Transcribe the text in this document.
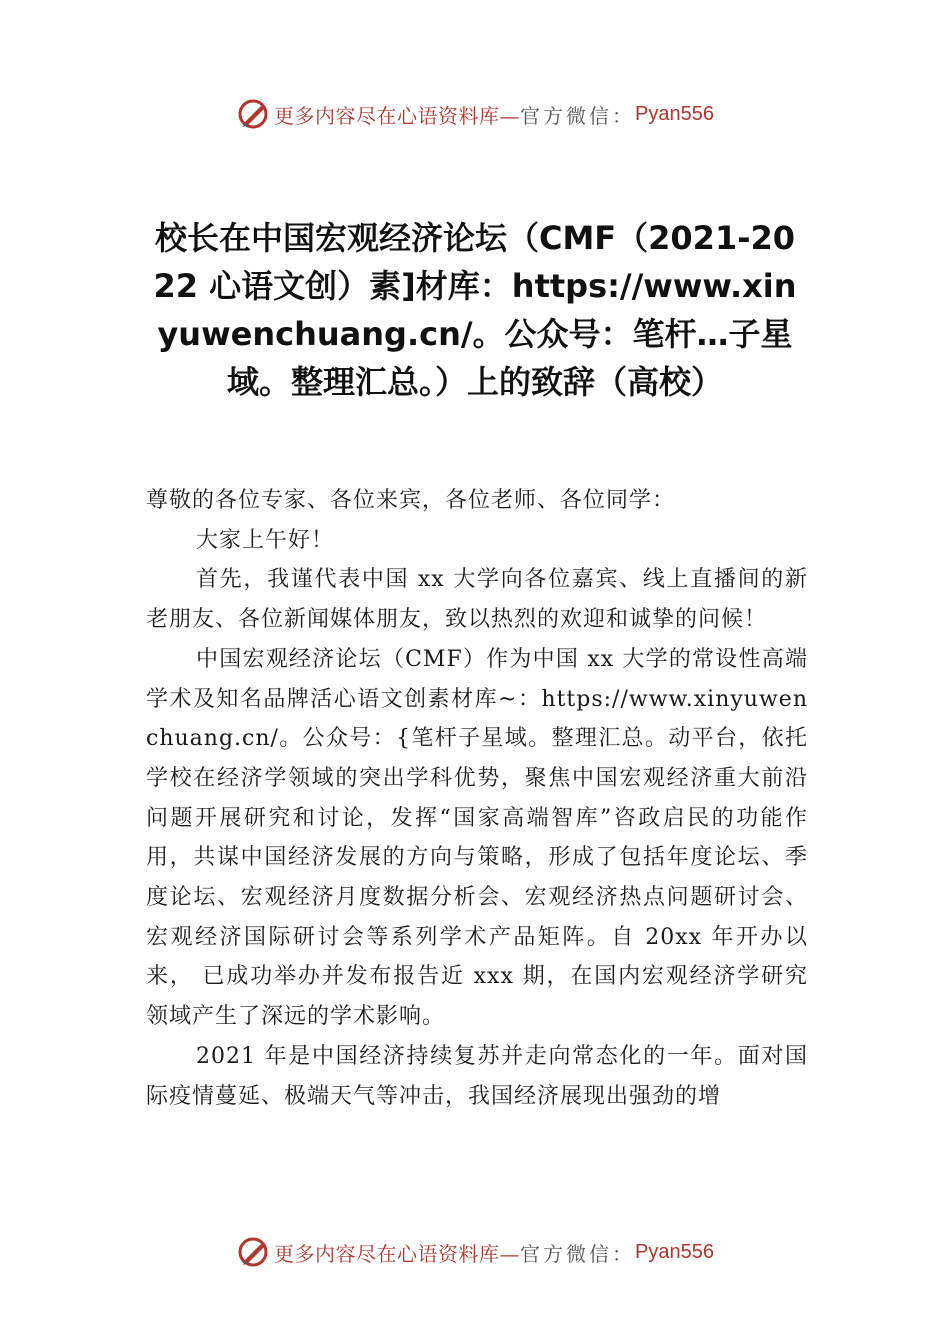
更多内容尽在心语资料库— 官方微信： Pyan556
校长在中国宏观经济论坛（CMF（2021-2022 心语文创）素]材库：https://www.xinyuwenchuang.cn/。公众号：笔杆…子星域。整理汇总。）上的致辞（高校）

尊敬的各位专家、各位来宾，各位老师、各位同学：

大家上午好！

首先，我谨代表中国 xx 大学向各位嘉宾、线上直播间的新老朋友、各位新闻媒体朋友，致以热烈的欢迎和诚挚的问候！

中国宏观经济论坛（CMF）作为中国 xx 大学的常设性高端学术及知名品牌活心语文创素材库~：https://www.xinyuwenchuang.cn/。公众号：{笔杆子星域。整理汇总。动平台，依托学校在经济学领域的突出学科优势，聚焦中国宏观经济重大前沿问题开展研究和讨论，发挥“国家高端智库”咨政启民的功能作用，共谋中国经济发展的方向与策略，形成了包括年度论坛、季度论坛、宏观经济月度数据分析会、宏观经济热点问题研讨会、宏观经济国际研讨会等系列学术产品矩阵。自 20xx 年开办以来， 已成功举办并发布报告近 xxx 期，在国内宏观经济学研究领域产生了深远的学术影响。

2021 年是中国经济持续复苏并走向常态化的一年。面对国际疫情蔓延、极端天气等冲击，我国经济展现出强劲的增

更多内容尽在心语资料库— 官方微信： Pyan556
